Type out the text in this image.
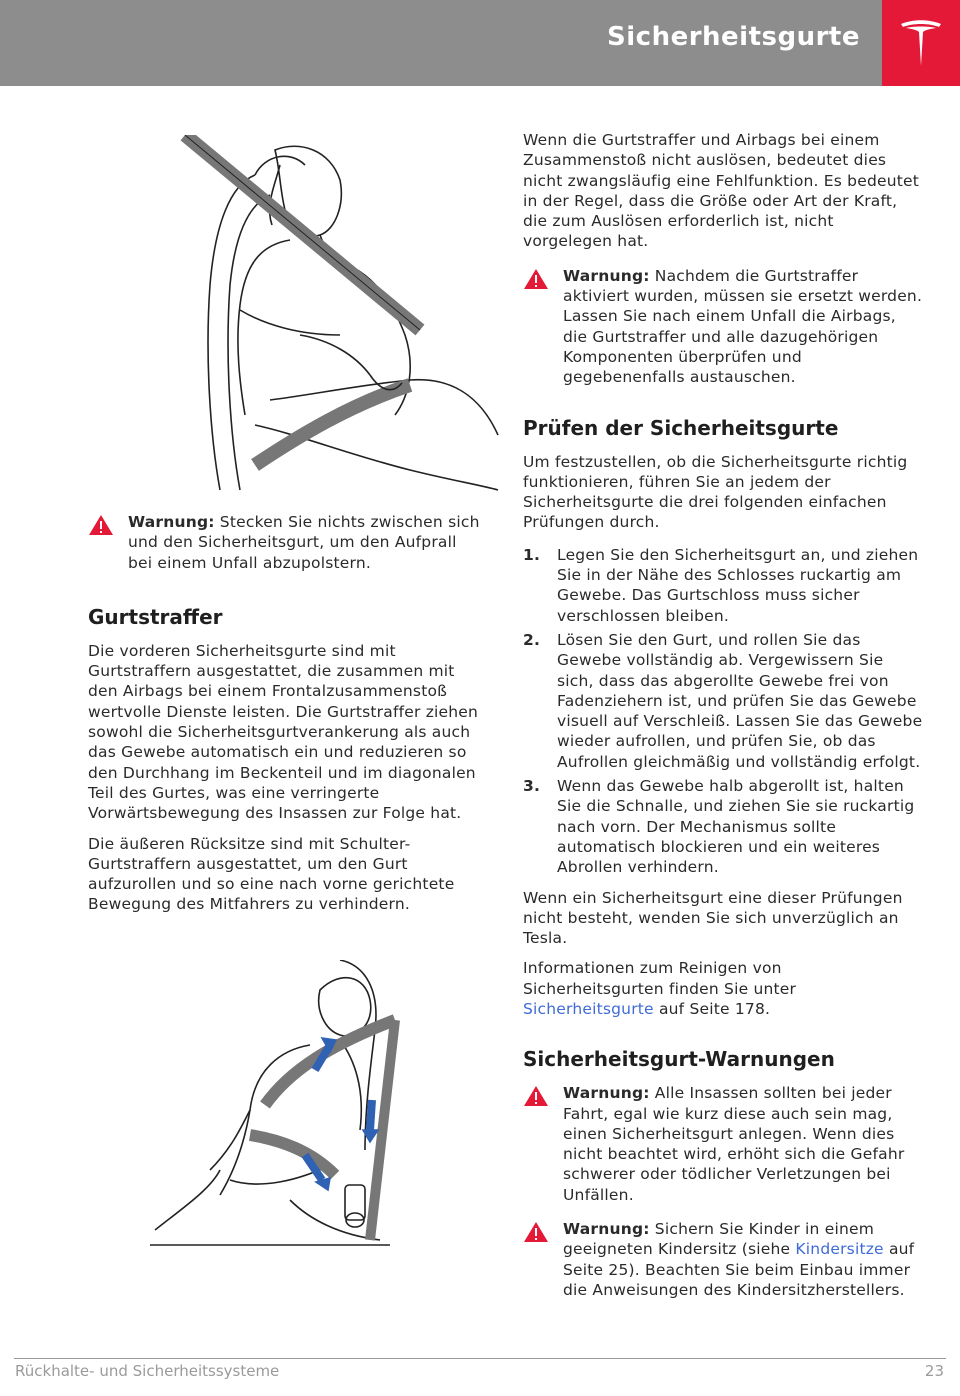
Sicherheitsgurte
Warnung: Stecken Sie nichts zwischen sich und den Sicherheitsgurt, um den Aufprall bei einem Unfall abzupolstern.
Gurtstraffer

Die vorderen Sicherheitsgurte sind mit Gurtstraffern ausgestattet, die zusammen mit den Airbags bei einem Frontalzusammenstoß wertvolle Dienste leisten. Die Gurtstraffer ziehen sowohl die Sicherheitsgurtverankerung als auch das Gewebe automatisch ein und reduzieren so den Durchhang im Beckenteil und im diagonalen Teil des Gurtes, was eine verringerte Vorwärtsbewegung des Insassen zur Folge hat.

Die äußeren Rücksitze sind mit Schulter-Gurtstraffern ausgestattet, um den Gurt aufzurollen und so eine nach vorne gerichtete Bewegung des Mitfahrers zu verhindern.

Wenn die Gurtstraffer und Airbags bei einem Zusammenstoß nicht auslösen, bedeutet dies nicht zwangsläufig eine Fehlfunktion. Es bedeutet in der Regel, dass die Größe oder Art der Kraft, die zum Auslösen erforderlich ist, nicht vorgelegen hat.

Warnung: Nachdem die Gurtstraffer aktiviert wurden, müssen sie ersetzt werden. Lassen Sie nach einem Unfall die Airbags, die Gurtstraffer und alle dazugehörigen Komponenten überprüfen und gegebenenfalls austauschen.
Prüfen der Sicherheitsgurte

Um festzustellen, ob die Sicherheitsgurte richtig funktionieren, führen Sie an jedem der Sicherheitsgurte die drei folgenden einfachen Prüfungen durch.

1. Legen Sie den Sicherheitsgurt an, und ziehen Sie in der Nähe des Schlosses ruckartig am Gewebe. Das Gurtschloss muss sicher verschlossen bleiben.
2. Lösen Sie den Gurt, und rollen Sie das Gewebe vollständig ab. Vergewissern Sie sich, dass das abgerollte Gewebe frei von Fadenziehern ist, und prüfen Sie das Gewebe visuell auf Verschleiß. Lassen Sie das Gewebe wieder aufrollen, und prüfen Sie, ob das Aufrollen gleichmäßig und vollständig erfolgt.
3. Wenn das Gewebe halb abgerollt ist, halten Sie die Schnalle, und ziehen Sie sie ruckartig nach vorn. Der Mechanismus sollte automatisch blockieren und ein weiteres Abrollen verhindern.

Wenn ein Sicherheitsgurt eine dieser Prüfungen nicht besteht, wenden Sie sich unverzüglich an Tesla.

Informationen zum Reinigen von Sicherheitsgurten finden Sie unter Sicherheitsgurte auf Seite 178.

Sicherheitsgurt-Warnungen
Warnung: Alle Insassen sollten bei jeder Fahrt, egal wie kurz diese auch sein mag, einen Sicherheitsgurt anlegen. Wenn dies nicht beachtet wird, erhöht sich die Gefahr schwerer oder tödlicher Verletzungen bei Unfällen.
Warnung: Sichern Sie Kinder in einem geeigneten Kindersitz (siehe Kindersitze auf Seite 25). Beachten Sie beim Einbau immer die Anweisungen des Kindersitzherstellers.
Rückhalte- und Sicherheitssysteme	23
